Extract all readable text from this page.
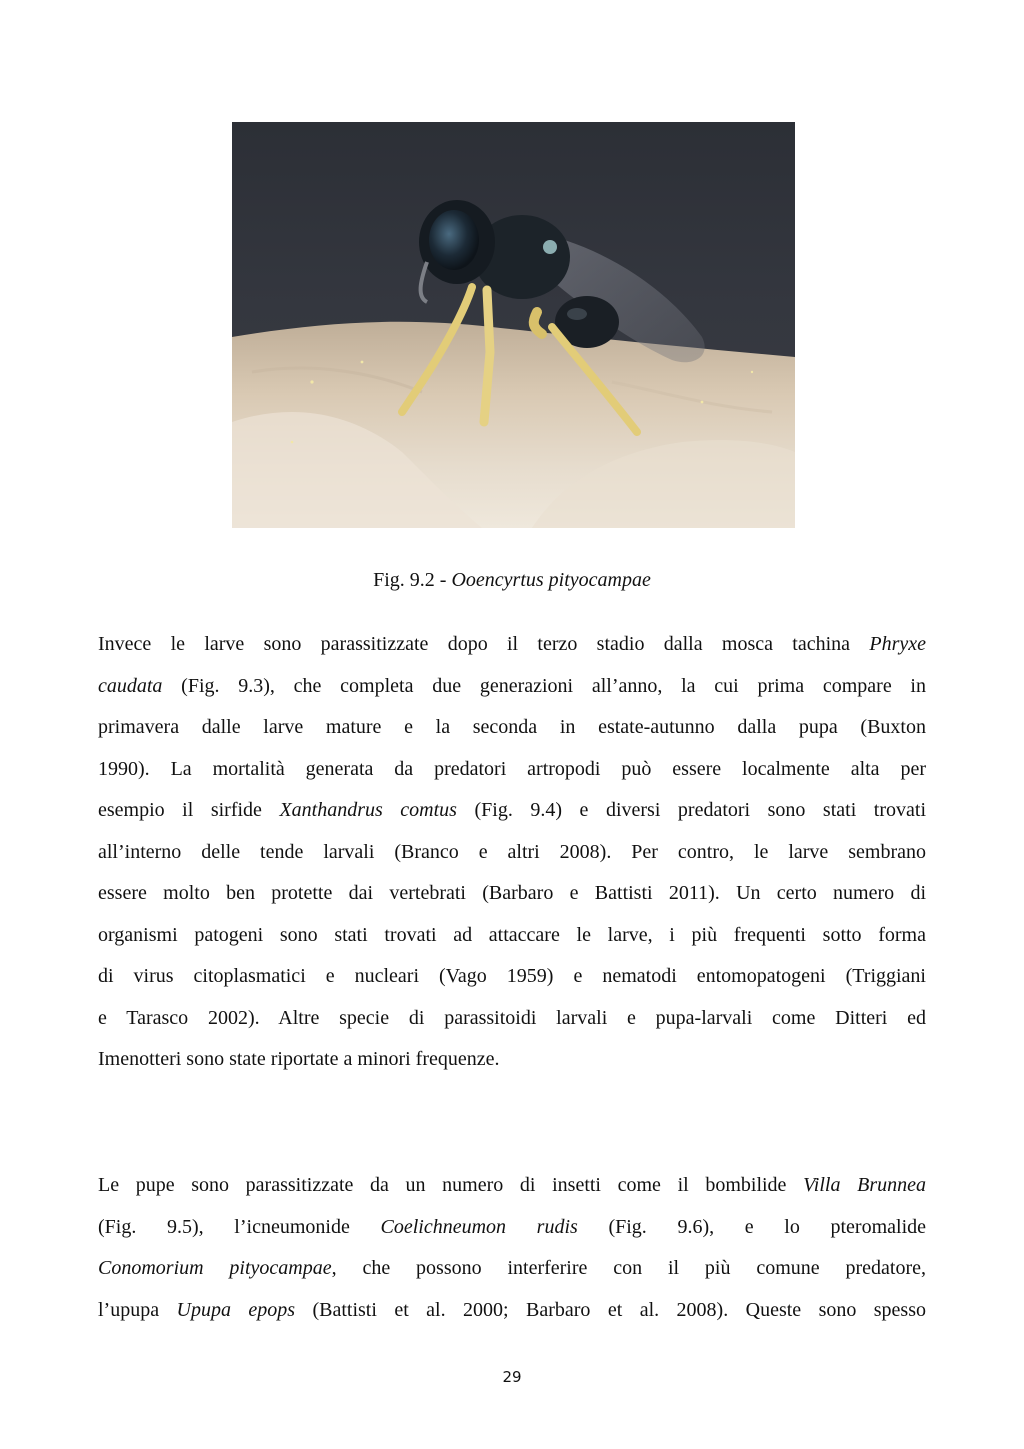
Fig. 9.2 - Ooencyrtus pityocampae
Invece le larve sono parassitizzate dopo il terzo stadio dalla mosca tachina Phryxe
caudata (Fig. 9.3), che completa due generazioni all’anno, la cui prima compare in
primavera dalle larve mature e la seconda in estate-autunno dalla pupa (Buxton
1990). La mortalità generata da predatori artropodi può essere localmente alta per
esempio il sirfide Xanthandrus comtus (Fig. 9.4) e diversi predatori sono stati trovati
all’interno delle tende larvali (Branco e altri 2008). Per contro, le larve sembrano
essere molto ben protette dai vertebrati (Barbaro e Battisti 2011). Un certo numero di
organismi patogeni sono stati trovati ad attaccare le larve, i più frequenti sotto forma
di virus citoplasmatici e nucleari (Vago 1959) e nematodi entomopatogeni (Triggiani
e Tarasco 2002). Altre specie di parassitoidi larvali e pupa-larvali come Ditteri ed
Imenotteri sono state riportate a minori frequenze.
Le pupe sono parassitizzate da un numero di insetti come il bombilide Villa Brunnea
(Fig. 9.5), l’icneumonide Coelichneumon rudis (Fig. 9.6), e lo pteromalide
Conomorium pityocampae, che possono interferire con il più comune predatore,
l’upupa Upupa epops (Battisti et al. 2000; Barbaro et al. 2008). Queste sono spesso
29
